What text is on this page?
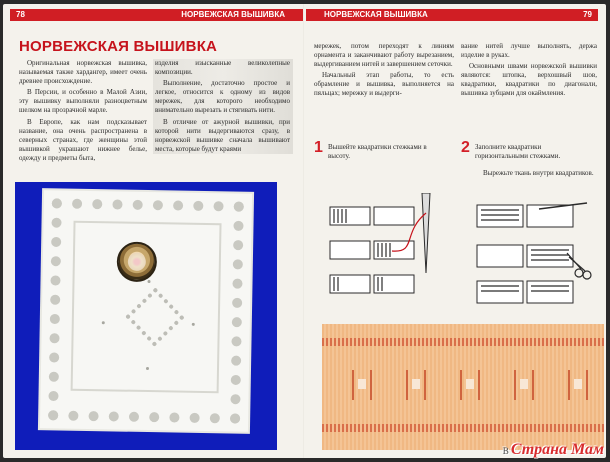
78	НОРВЕЖСКАЯ ВЫШИВКА
НОРВЕЖСКАЯ ВЫШИВКА

Оригинальная норвежская вышивка, называемая также хардангер, имеет очень древнее происхождение.

В Персии, и особенно в Малой Азии, эту вышивку выполняли разноцветным шелком на прозрачной марле.

В Европе, как нам подсказывает название, она очень распространена в северных странах, где женщины этой вышивкой украшают нижнее белье, одежду и предметы быта,

изделия изысканные великолепные композиции.

Выполнение, достаточно простое и легкое, относится к одному из видов мережек, для которого необходимо внимательно вырезать и стягивать нити.

В отличие от ажурной вышивки, при которой нити выдергиваются сразу, в норвежской вышивке сначала вышивают места, которые будут краями

НОРВЕЖСКАЯ ВЫШИВКА	79

мережек, потом переходят к линиям орнамента и заканчивают работу вырезанием, выдергиванием нитей и завершением сеточки.

Начальный этап работы, то есть обрамление и вышивка, выполняется на пяльцах; мережку и выдерги-

вание нитей лучше выполнять, держа изделие в руках.

Основными швами норвежской вышивки являются: штопка, верхошвый шов, квадратики, квадратики по диагонали, вышивка зубцами для окаймления.

1 Вышейте квадратики стежками в высоту.
2 Заполните квадратики горизонтальными стежками.
Вырежьте ткань внутри квадратиков.
В Страна Мам
